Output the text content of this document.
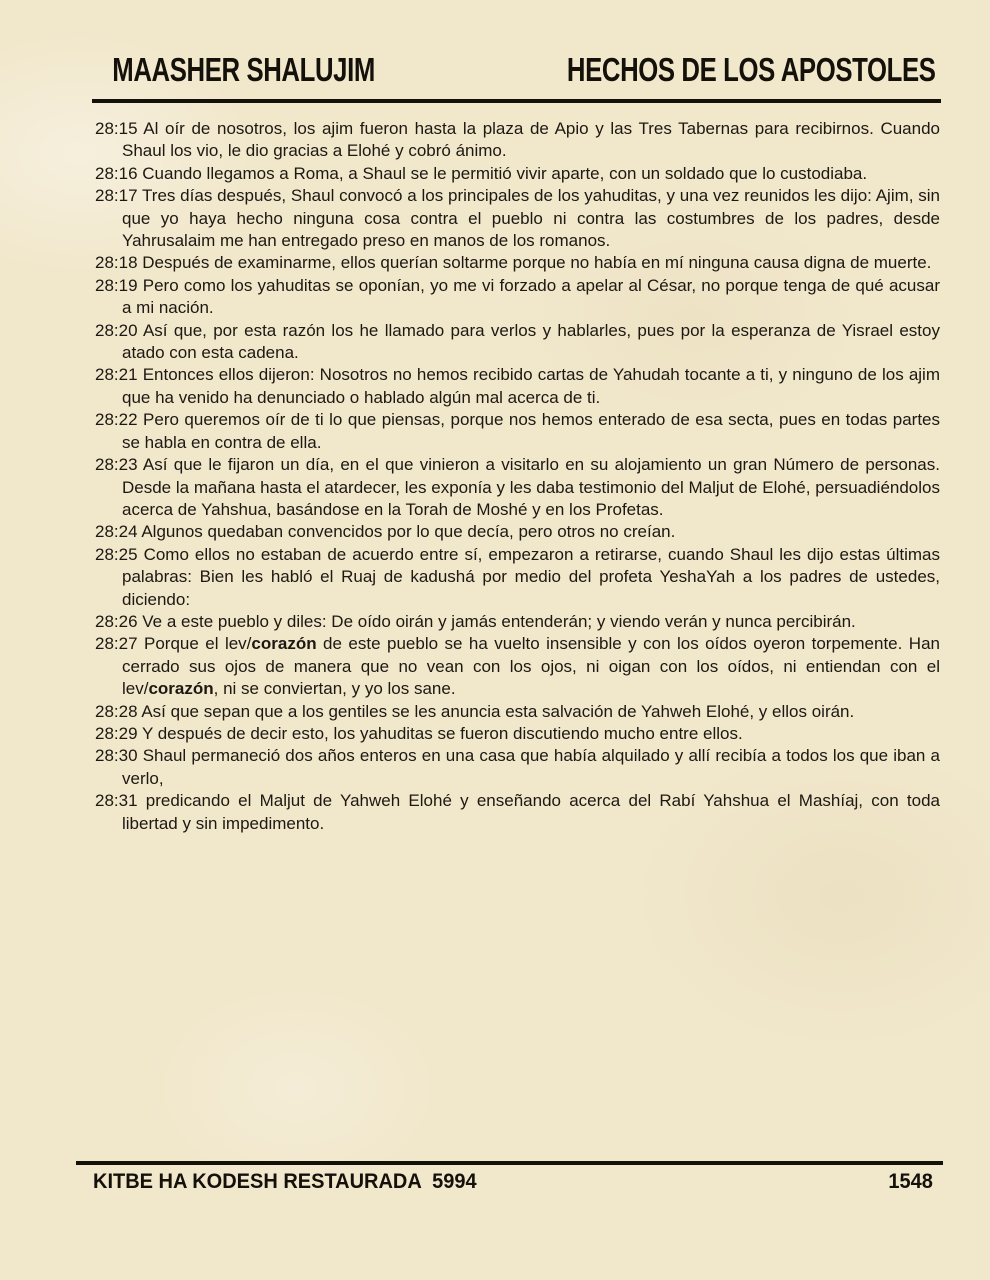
MAASHER SHALUJIM	HECHOS DE LOS APOSTOLES

28:15 Al oír de nosotros, los ajim fueron hasta la plaza de Apio y las Tres Tabernas para recibirnos. Cuando Shaul los vio, le dio gracias a Elohé y cobró ánimo.

28:16 Cuando llegamos a Roma, a Shaul se le permitió vivir aparte, con un soldado que lo custodiaba.

28:17 Tres días después, Shaul convocó a los principales de los yahuditas, y una vez reunidos les dijo: Ajim, sin que yo haya hecho ninguna cosa contra el pueblo ni contra las costumbres de los padres, desde Yahrusalaim me han entregado preso en manos de los romanos.

28:18 Después de examinarme, ellos querían soltarme porque no había en mí ninguna causa digna de muerte.

28:19 Pero como los yahuditas se oponían, yo me vi forzado a apelar al César, no porque tenga de qué acusar a mi nación.

28:20 Así que, por esta razón los he llamado para verlos y hablarles, pues por la esperanza de Yisrael estoy atado con esta cadena.

28:21 Entonces ellos dijeron: Nosotros no hemos recibido cartas de Yahudah tocante a ti, y ninguno de los ajim que ha venido ha denunciado o hablado algún mal acerca de ti.

28:22 Pero queremos oír de ti lo que piensas, porque nos hemos enterado de esa secta, pues en todas partes se habla en contra de ella.

28:23 Así que le fijaron un día, en el que vinieron a visitarlo en su alojamiento un gran Número de personas. Desde la mañana hasta el atardecer, les exponía y les daba testimonio del Maljut de Elohé, persuadiéndolos acerca de Yahshua, basándose en la Torah de Moshé y en los Profetas.

28:24 Algunos quedaban convencidos por lo que decía, pero otros no creían.

28:25 Como ellos no estaban de acuerdo entre sí, empezaron a retirarse, cuando Shaul les dijo estas últimas palabras: Bien les habló el Ruaj de kadushá por medio del profeta YeshaYah a los padres de ustedes, diciendo:

28:26 Ve a este pueblo y diles: De oído oirán y jamás entenderán; y viendo verán y nunca percibirán.

28:27 Porque el lev/corazón de este pueblo se ha vuelto insensible y con los oídos oyeron torpemente. Han cerrado sus ojos de manera que no vean con los ojos, ni oigan con los oídos, ni entiendan con el lev/corazón, ni se conviertan, y yo los sane.

28:28 Así que sepan que a los gentiles se les anuncia esta salvación de Yahweh Elohé, y ellos oirán.

28:29 Y después de decir esto, los yahuditas se fueron discutiendo mucho entre ellos.

28:30 Shaul permaneció dos años enteros en una casa que había alquilado y allí recibía a todos los que iban a verlo,

28:31 predicando el Maljut de Yahweh Elohé y enseñando acerca del Rabí Yahshua el Mashíaj, con toda libertad y sin impedimento.

KITBE HA KODESH RESTAURADA  5994	1548
